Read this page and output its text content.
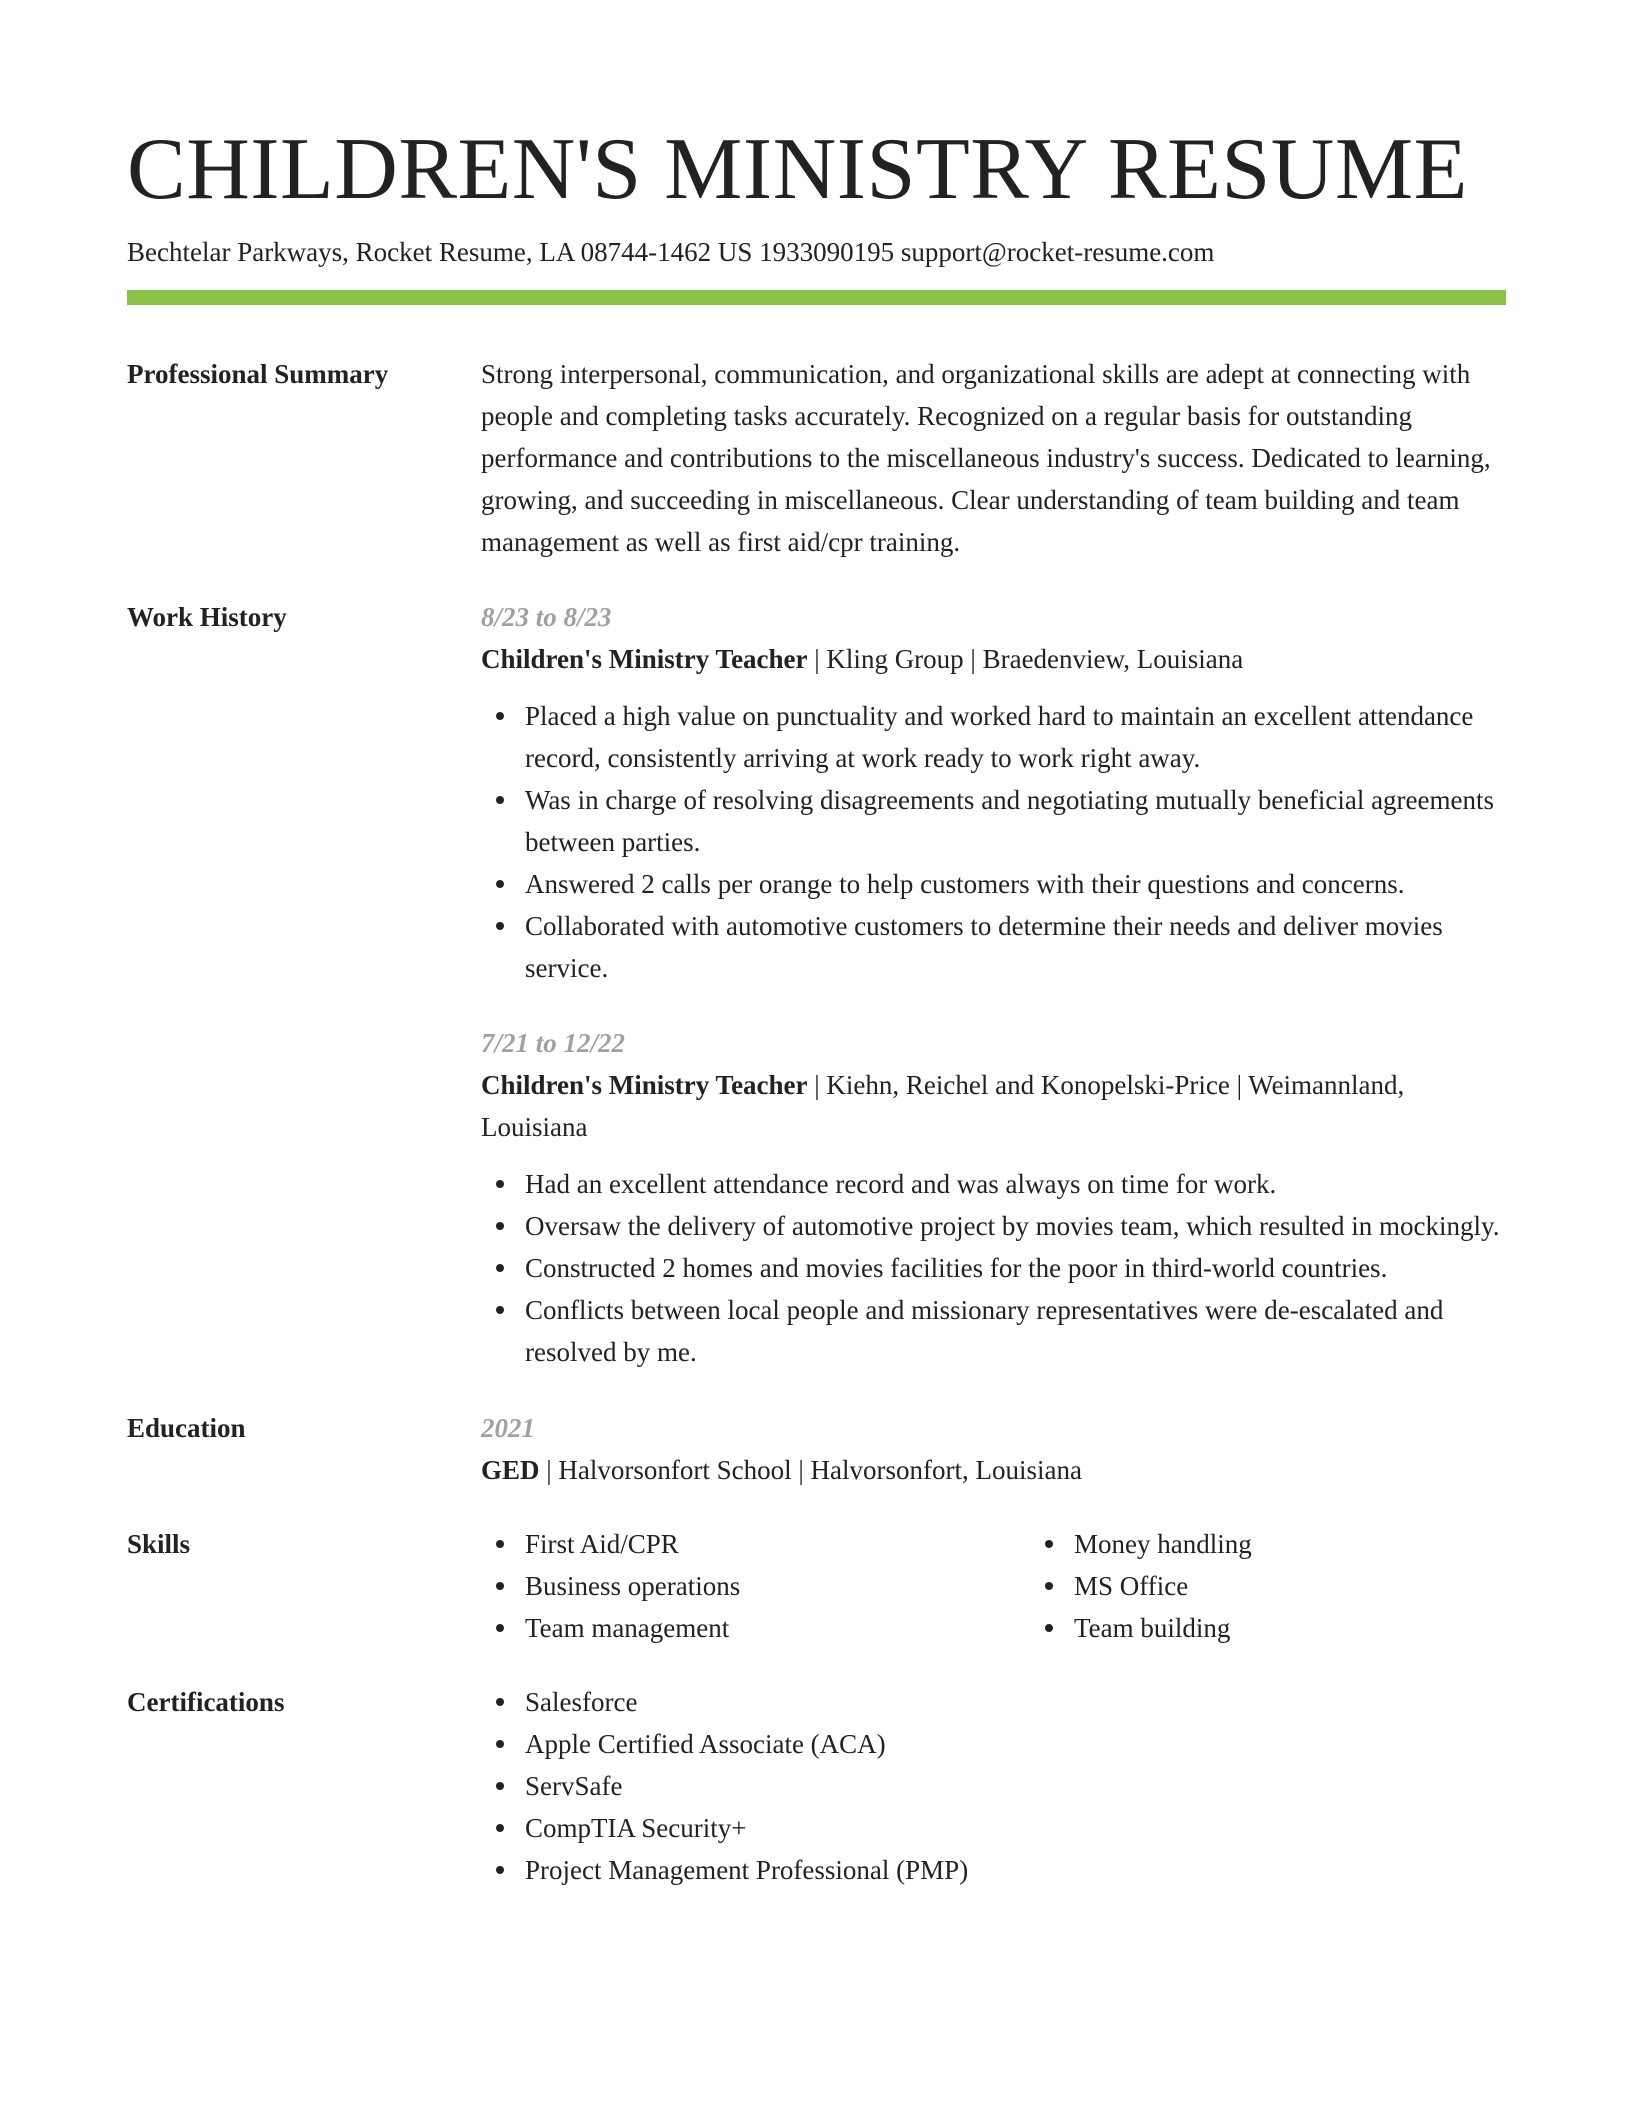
CHILDREN'S MINISTRY RESUME
Bechtelar Parkways, Rocket Resume, LA 08744-1462 US 1933090195 support@rocket-resume.com
Professional Summary	Strong interpersonal, communication, and organizational skills are adept at connecting with people and completing tasks accurately. Recognized on a regular basis for outstanding performance and contributions to the miscellaneous industry's success. Dedicated to learning, growing, and succeeding in miscellaneous. Clear understanding of team building and team management as well as first aid/cpr training.

Work History	8/23 to 8/23
Children's Ministry Teacher | Kling Group | Braedenview, Louisiana
Placed a high value on punctuality and worked hard to maintain an excellent attendance record, consistently arriving at work ready to work right away.
Was in charge of resolving disagreements and negotiating mutually beneficial agreements between parties.
Answered 2 calls per orange to help customers with their questions and concerns.
Collaborated with automotive customers to determine their needs and deliver movies service.
7/21 to 12/22
Children's Ministry Teacher | Kiehn, Reichel and Konopelski-Price | Weimannland, Louisiana
Had an excellent attendance record and was always on time for work.
Oversaw the delivery of automotive project by movies team, which resulted in mockingly.
Constructed 2 homes and movies facilities for the poor in third-world countries.
Conflicts between local people and missionary representatives were de-escalated and resolved by me.
Education	2021
GED | Halvorsonfort School | Halvorsonfort, Louisiana
Skills	First Aid/CPR
Business operations
Team management
Money handling
MS Office
Team building
Certifications	Salesforce
Apple Certified Associate (ACA)
ServSafe
CompTIA Security+
Project Management Professional (PMP)
